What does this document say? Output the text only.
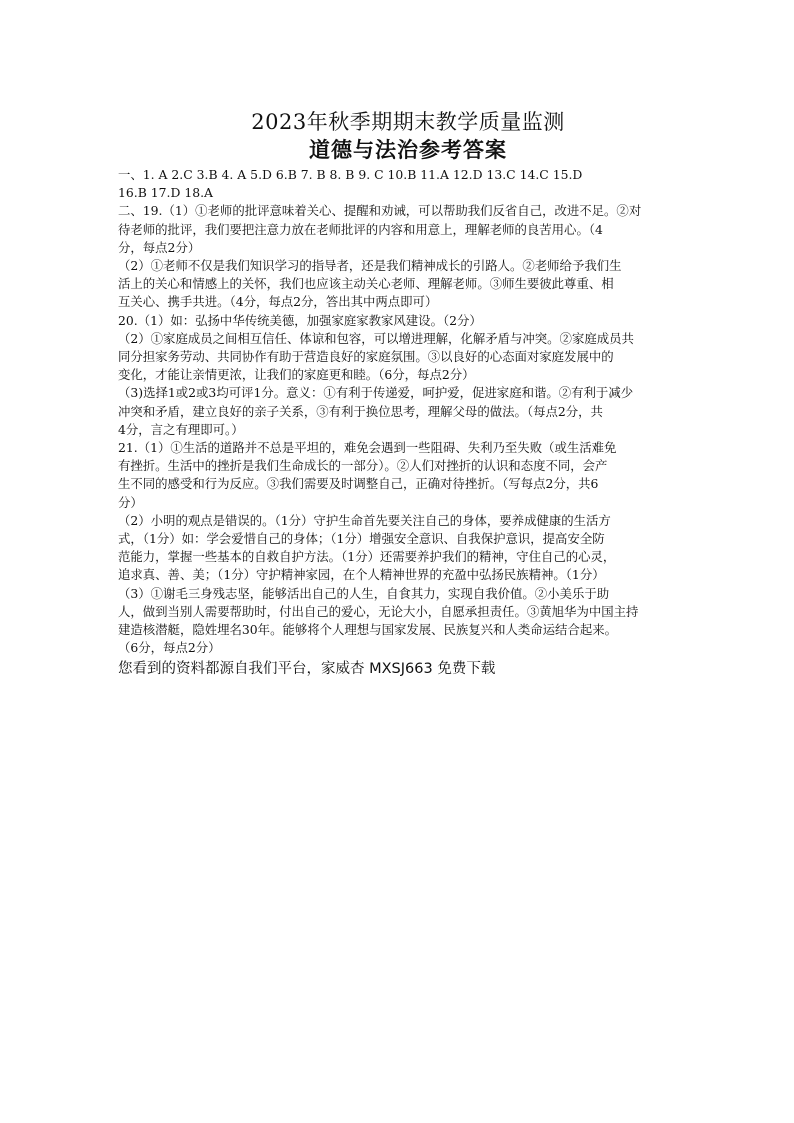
2023年秋季期期末教学质量监测
道德与法治参考答案

一、1. A 2.C 3.B 4. A 5.D 6.B 7. B 8. B 9. C 10.B 11.A 12.D 13.C 14.C 15.D

16.B 17.D 18.A

二、19.（1）①老师的批评意味着关心、提醒和劝诫，可以帮助我们反省自己，改进不足。②对

待老师的批评，我们要把注意力放在老师批评的内容和用意上，理解老师的良苦用心。（4

分，每点2分）

（2）①老师不仅是我们知识学习的指导者，还是我们精神成长的引路人。②老师给予我们生

活上的关心和情感上的关怀，我们也应该主动关心老师、理解老师。③师生要彼此尊重、相

互关心、携手共进。（4分，每点2分，答出其中两点即可）

20.（1）如：弘扬中华传统美德，加强家庭家教家风建设。（2分）

（2）①家庭成员之间相互信任、体谅和包容，可以增进理解，化解矛盾与冲突。②家庭成员共

同分担家务劳动、共同协作有助于营造良好的家庭氛围。③以良好的心态面对家庭发展中的

变化，才能让亲情更浓，让我们的家庭更和睦。（6分，每点2分）

（3)选择1或2或3均可评1分。意义：①有利于传递爱，呵护爱，促进家庭和谐。②有利于减少

冲突和矛盾，建立良好的亲子关系，③有利于换位思考，理解父母的做法。（每点2分，共

4分，言之有理即可。）

21.（1）①生活的道路并不总是平坦的，难免会遇到一些阻碍、失利乃至失败（或生活难免

有挫折。生活中的挫折是我们生命成长的一部分）。②人们对挫折的认识和态度不同，会产

生不同的感受和行为反应。③我们需要及时调整自己，正确对待挫折。（写每点2分，共6

分）

（2）小明的观点是错误的。（1分）守护生命首先要关注自己的身体，要养成健康的生活方

式，（1分）如：学会爱惜自己的身体；（1分）增强安全意识、自我保护意识，提高安全防

范能力，掌握一些基本的自救自护方法。（1分）还需要养护我们的精神，守住自己的心灵，

追求真、善、美；（1分）守护精神家园，在个人精神世界的充盈中弘扬民族精神。（1分）

（3）①谢毛三身残志坚，能够活出自己的人生，自食其力，实现自我价值。②小美乐于助

人，做到当别人需要帮助时，付出自己的爱心，无论大小，自愿承担责任。③黄旭华为中国主持

建造核潜艇，隐姓埋名30年。能够将个人理想与国家发展、民族复兴和人类命运结合起来。

（6分，每点2分）

您看到的资料都源自我们平台，家威杏 MXSJ663 免费下载
